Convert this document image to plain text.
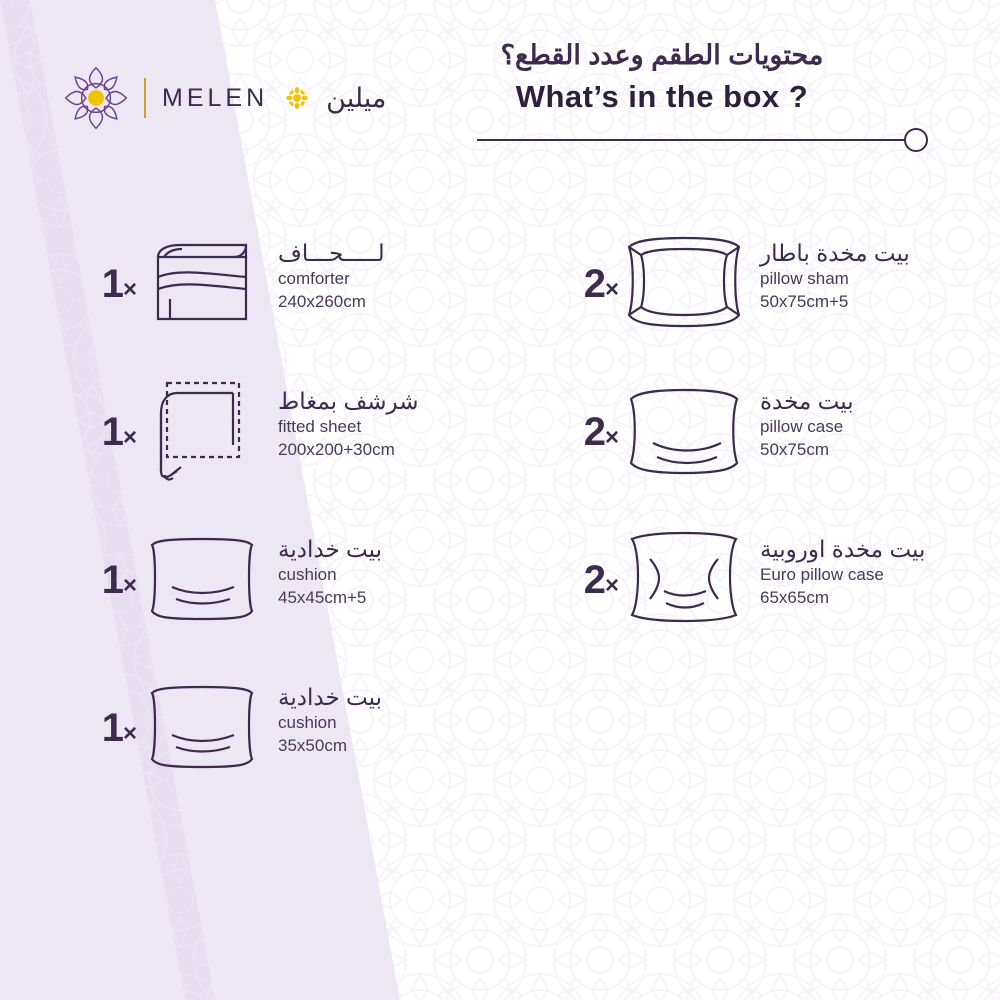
MELEN ميلين

محتويات الطقم وعدد القطع؟

What’s in the box ?

1×
لـــــحـــاف
comforter
240x260cm
1×
شرشف بمغاط
fitted sheet
200x200+30cm
1×
بيت خدادية
cushion
45x45cm+5
1×
بيت خدادية
cushion
35x50cm
2×
بيت مخدة باطار
pillow sham
50x75cm+5
2×
بيت مخدة
pillow case
50x75cm
2×
بيت مخدة اوروبية
Euro pillow case
65x65cm
